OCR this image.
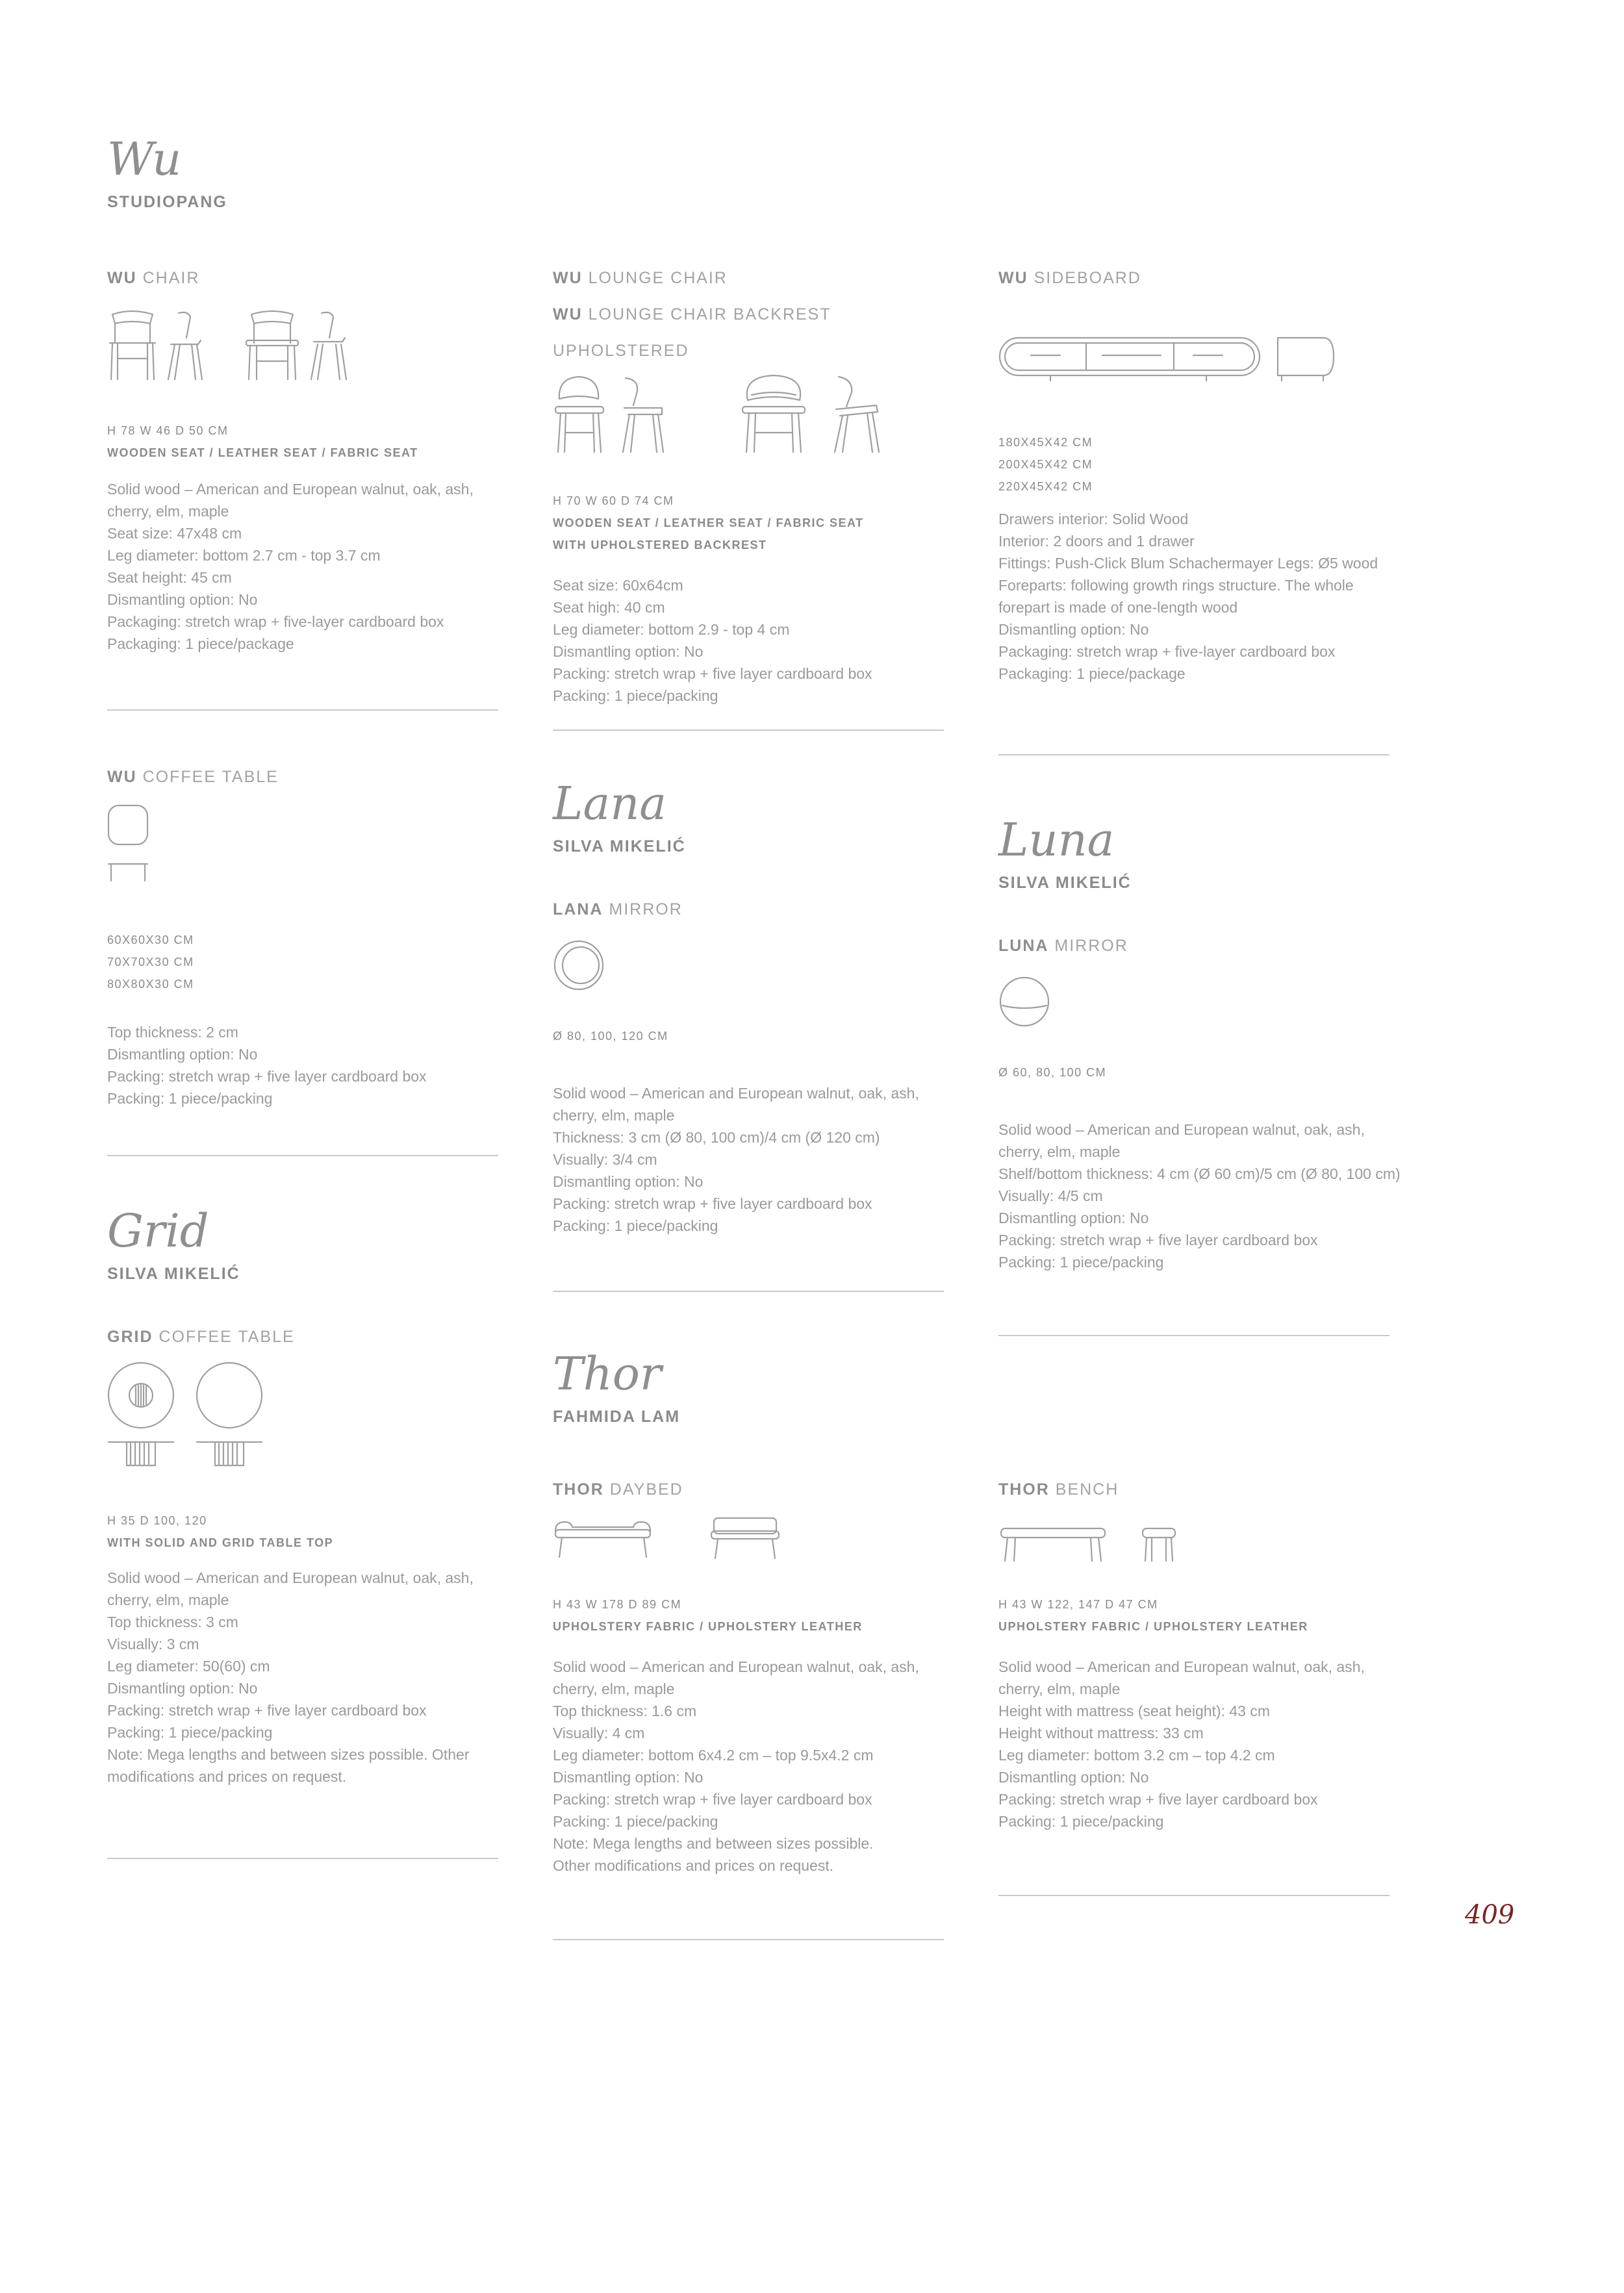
Wu
STUDIOPANG
WU CHAIR
H 78 W 46 D 50 CM
WOODEN SEAT / LEATHER SEAT / FABRIC SEAT
Solid wood – American and European walnut, oak, ash,
cherry, elm, maple
Seat size: 47x48 cm
Leg diameter: bottom 2.7 cm - top 3.7 cm
Seat height: 45 cm
Dismantling option: No
Packaging: stretch wrap + five-layer cardboard box
Packaging: 1 piece/package
WU LOUNGE CHAIR
WU LOUNGE CHAIR BACKREST UPHOLSTERED
H 70 W 60 D 74 CM
WOODEN SEAT / LEATHER SEAT / FABRIC SEAT
WITH UPHOLSTERED BACKREST
Seat size: 60x64cm
Seat high: 40 cm
Leg diameter: bottom 2.9 - top 4 cm
Dismantling option: No
Packing: stretch wrap + five layer cardboard box
Packing: 1 piece/packing
WU SIDEBOARD
180X45X42 CM
200X45X42 CM
220X45X42 CM
Drawers interior: Solid Wood
Interior: 2 doors and 1 drawer
Fittings: Push-Click Blum Schachermayer Legs: Ø5 wood
Foreparts: following growth rings structure. The whole
forepart is made of one-length wood
Dismantling option: No
Packaging: stretch wrap + five-layer cardboard box
Packaging: 1 piece/package
WU COFFEE TABLE
60X60X30 CM
70X70X30 CM
80X80X30 CM
Top thickness: 2 cm
Dismantling option: No
Packing: stretch wrap + five layer cardboard box
Packing: 1 piece/packing
Lana
SILVA MIKELIĆ
LANA MIRROR
Ø 80, 100, 120 CM
Solid wood – American and European walnut, oak, ash,
cherry, elm, maple
Thickness: 3 cm (Ø 80, 100 cm)/4 cm (Ø 120 cm)
Visually: 3/4 cm
Dismantling option: No
Packing: stretch wrap + five layer cardboard box
Packing: 1 piece/packing
Luna
SILVA MIKELIĆ
LUNA MIRROR
Ø 60, 80, 100 CM
Solid wood – American and European walnut, oak, ash,
cherry, elm, maple
Shelf/bottom thickness: 4 cm (Ø 60 cm)/5 cm (Ø 80, 100 cm)
Visually: 4/5 cm
Dismantling option: No
Packing: stretch wrap + five layer cardboard box
Packing: 1 piece/packing
Grid
SILVA MIKELIĆ
GRID COFFEE TABLE
H 35 D 100, 120
WITH SOLID AND GRID TABLE TOP
Solid wood – American and European walnut, oak, ash,
cherry, elm, maple
Top thickness: 3 cm
Visually: 3 cm
Leg diameter: 50(60) cm
Dismantling option: No
Packing: stretch wrap + five layer cardboard box
Packing: 1 piece/packing
Note: Mega lengths and between sizes possible. Other
modifications and prices on request.
Thor
FAHMIDA LAM
THOR DAYBED
H 43 W 178 D 89 CM
UPHOLSTERY FABRIC / UPHOLSTERY LEATHER
Solid wood – American and European walnut, oak, ash,
cherry, elm, maple
Top thickness: 1.6 cm
Visually: 4 cm
Leg diameter: bottom 6x4.2 cm – top 9.5x4.2 cm
Dismantling option: No
Packing: stretch wrap + five layer cardboard box
Packing: 1 piece/packing
Note: Mega lengths and between sizes possible.
Other modifications and prices on request.
THOR BENCH
H 43 W 122, 147 D 47 CM
UPHOLSTERY FABRIC / UPHOLSTERY LEATHER
Solid wood – American and European walnut, oak, ash,
cherry, elm, maple
Height with mattress (seat height): 43 cm
Height without mattress: 33 cm
Leg diameter: bottom 3.2 cm – top 4.2 cm
Dismantling option: No
Packing: stretch wrap + five layer cardboard box
Packing: 1 piece/packing
409
